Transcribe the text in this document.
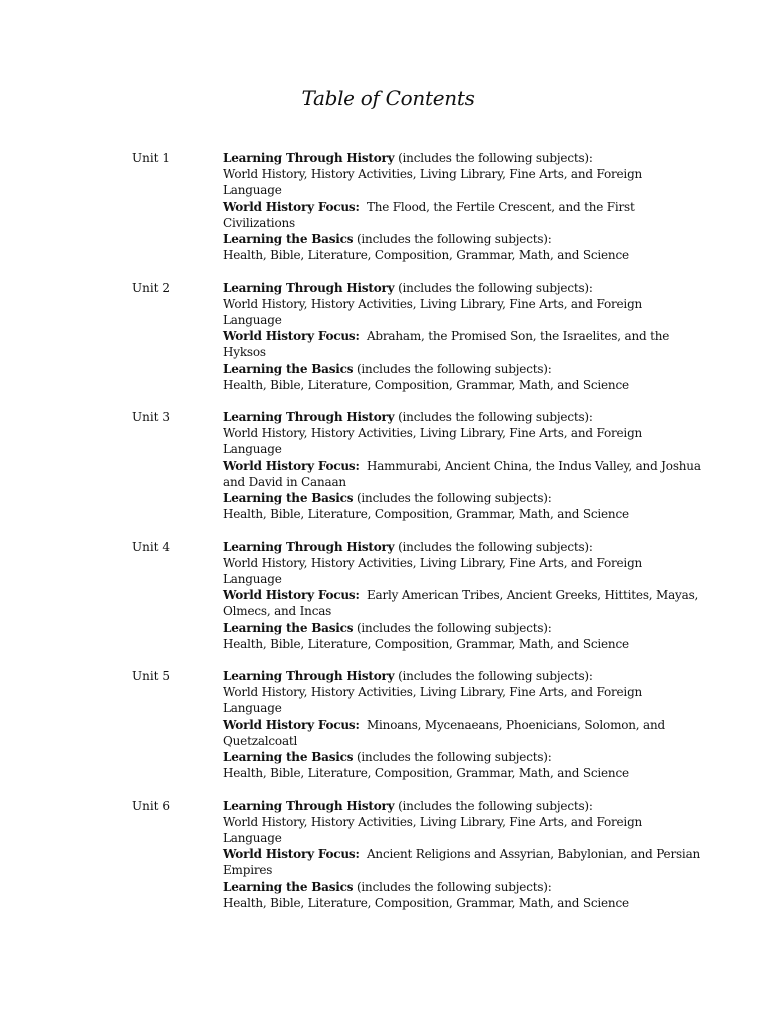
Table of Contents
Unit 1	Learning Through History (includes the following subjects):
World History, History Activities, Living Library, Fine Arts, and Foreign Language
World History Focus:  The Flood, the Fertile Crescent, and the First Civilizations
Learning the Basics (includes the following subjects):
Health, Bible, Literature, Composition, Grammar, Math, and Science
Unit 2	Learning Through History (includes the following subjects):
World History, History Activities, Living Library, Fine Arts, and Foreign Language
World History Focus:  Abraham, the Promised Son, the Israelites, and the Hyksos
Learning the Basics (includes the following subjects):
Health, Bible, Literature, Composition, Grammar, Math, and Science
Unit 3	Learning Through History (includes the following subjects):
World History, History Activities, Living Library, Fine Arts, and Foreign Language
World History Focus:  Hammurabi, Ancient China, the Indus Valley, and Joshua and David in Canaan
Learning the Basics (includes the following subjects):
Health, Bible, Literature, Composition, Grammar, Math, and Science
Unit 4	Learning Through History (includes the following subjects):
World History, History Activities, Living Library, Fine Arts, and Foreign Language
World History Focus:  Early American Tribes, Ancient Greeks, Hittites, Mayas, Olmecs, and Incas
Learning the Basics (includes the following subjects):
Health, Bible, Literature, Composition, Grammar, Math, and Science
Unit 5	Learning Through History (includes the following subjects):
World History, History Activities, Living Library, Fine Arts, and Foreign Language
World History Focus:  Minoans, Mycenaeans, Phoenicians, Solomon, and Quetzalcoatl
Learning the Basics (includes the following subjects):
Health, Bible, Literature, Composition, Grammar, Math, and Science
Unit 6	Learning Through History (includes the following subjects):
World History, History Activities, Living Library, Fine Arts, and Foreign Language
World History Focus:  Ancient Religions and Assyrian, Babylonian, and Persian Empires
Learning the Basics (includes the following subjects):
Health, Bible, Literature, Composition, Grammar, Math, and Science
